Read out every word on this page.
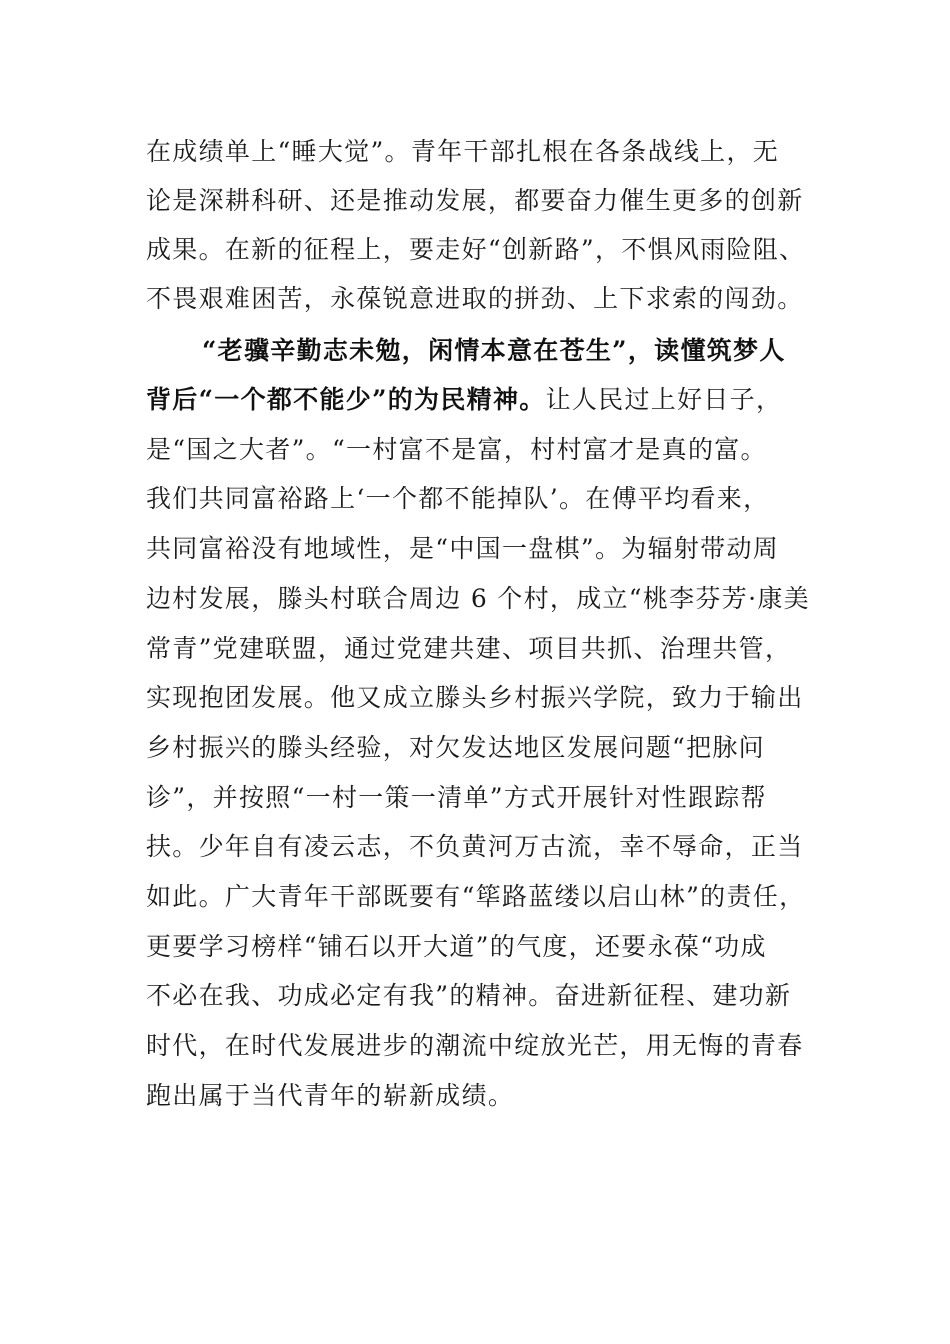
在成绩单上“睡大觉”。青年干部扎根在各条战线上，无
论是深耕科研、还是推动发展，都要奋力催生更多的创新
成果。在新的征程上，要走好“创新路”，不惧风雨险阻、
不畏艰难困苦，永葆锐意进取的拼劲、上下求索的闯劲。
“老骥辛勤志未勉，闲情本意在苍生”，读懂筑梦人
背后“一个都不能少”的为民精神。让人民过上好日子，
是“国之大者”。“一村富不是富，村村富才是真的富。
我们共同富裕路上‘一个都不能掉队’。在傅平均看来，
共同富裕没有地域性，是“中国一盘棋”。为辐射带动周
边村发展，滕头村联合周边 6 个村，成立“桃李芬芳·康美
常青”党建联盟，通过党建共建、项目共抓、治理共管，
实现抱团发展。他又成立滕头乡村振兴学院，致力于输出
乡村振兴的滕头经验，对欠发达地区发展问题“把脉问
诊”，并按照“一村一策一清单”方式开展针对性跟踪帮
扶。少年自有凌云志，不负黄河万古流，幸不辱命，正当
如此。广大青年干部既要有“筚路蓝缕以启山林”的责任，
更要学习榜样“铺石以开大道”的气度，还要永葆“功成
不必在我、功成必定有我”的精神。奋进新征程、建功新
时代，在时代发展进步的潮流中绽放光芒，用无悔的青春
跑出属于当代青年的崭新成绩。
